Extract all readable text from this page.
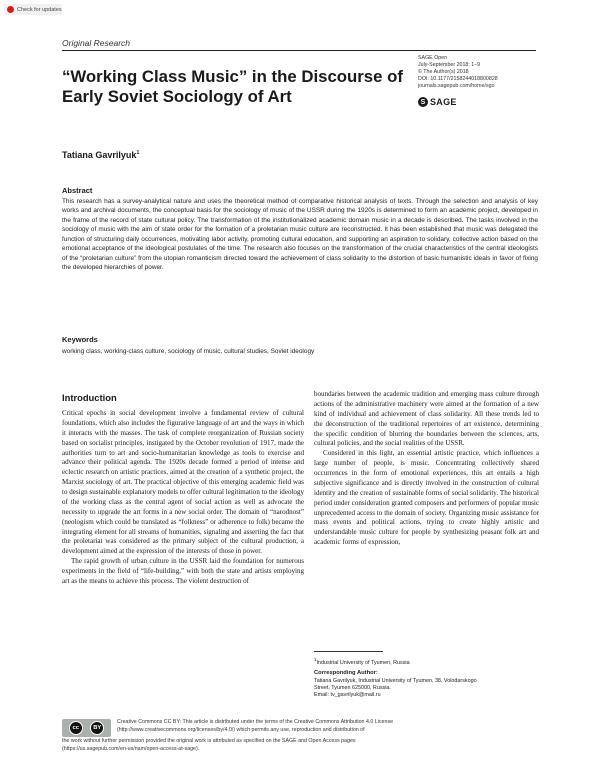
Check for updates
Original Research
“Working Class Music” in the Discourse of Early Soviet Sociology of Art
SAGE Open
July-September 2018: 1–9
© The Author(s) 2018
DOI: 10.1177/2158244018800828
journals.sagepub.com/home/sgo
S SAGE
Tatiana Gavrilyuk$^1$
Abstract
This research has a survey-analytical nature and uses the theoretical method of comparative historical analysis of texts. Through the selection and analysis of key works and archival documents, the conceptual basis for the sociology of music of the USSR during the 1920s is determined to form an academic project, developed in the frame of the record of state cultural policy. The transformation of the institutionalized academic domain music in a decade is described. The tasks involved in the sociology of music with the aim of state order for the formation of a proletarian music culture are reconstructed. It has been established that music was delegated the function of structuring daily occurrences, motivating labor activity, promoting cultural education, and supporting an aspiration to solidary, collective action based on the emotional acceptance of the ideological postulates of the time. The research also focuses on the transformation of the crucial characteristics of the central ideologists of the “proletarian culture” from the utopian romanticism directed toward the achievement of class solidarity to the distortion of basic humanistic ideals in favor of fixing the developed hierarchies of power.
Keywords
working class, working-class culture, sociology of music, cultural studies, Soviet ideology
Introduction

Critical epochs in social development involve a fundamental review of cultural foundations, which also includes the figurative language of art and the ways in which it interacts with the masses. The task of complete reorganization of Russian society based on socialist principles, instigated by the October revolution of 1917, made the authorities turn to art and socio-humanitarian knowledge as tools to exercise and advance their political agenda. The 1920s decade formed a period of intense and eclectic research on artistic practices, aimed at the creation of a synthetic project, the Marxist sociology of art. The practical objective of this emerging academic field was to design sustainable explanatory models to offer cultural legitimation to the ideology of the working class as the central agent of social action as well as advocate the necessity to upgrade the art forms in a new social order. The domain of “narodnost” (neologism which could be translated as “folkness” or adherence to folk) became the integrating element for all streams of humanities, signaling and asserting the fact that the proletariat was considered as the primary subject of the cultural production, a development aimed at the expression of the interests of those in power.

The rapid growth of urban culture in the USSR laid the foundation for numerous experiments in the field of “life-building,” with both the state and artists employing art as the means to achieve this process. The violent destruction of

boundaries between the academic tradition and emerging mass culture through actions of the administrative machinery were aimed at the formation of a new kind of individual and achievement of class solidarity. All these trends led to the deconstruction of the traditional repertoires of art existence, determining the specific condition of blurring the boundaries between the sciences, arts, cultural policies, and the social realities of the USSR.

Considered in this light, an essential artistic practice, which influences a large number of people, is music. Concentrating collectively shared occurrences in the form of emotional experiences, this art entails a high subjective significance and is directly involved in the construction of cultural identity and the creation of sustainable forms of social solidarity. The historical period under consideration granted composers and performers of popular music unprecedented access to the domain of society. Organizing music assistance for mass events and political actions, trying to create highly artistic and understandable music culture for people by synthesizing peasant folk art and academic forms of expression,

$^1$Industrial University of Tyumen, Russia
Corresponding Author:
Tatiana Gavrilyuk, Industrial University of Tyumen, 38, Volodarskogo
Street, Tyumen 625000, Russia.
Email: tv_gavrilyuk@mail.ru
cc	BY
Creative Commons CC BY: This article is distributed under the terms of the Creative Commons Attribution 4.0 License
(http://www.creativecommons.org/licenses/by/4.0/) which permits any use, reproduction and distribution of
the work without further permission provided the original work is attributed as specified on the SAGE and Open Access pages
(https://us.sagepub.com/en-us/nam/open-access-at-sage).
